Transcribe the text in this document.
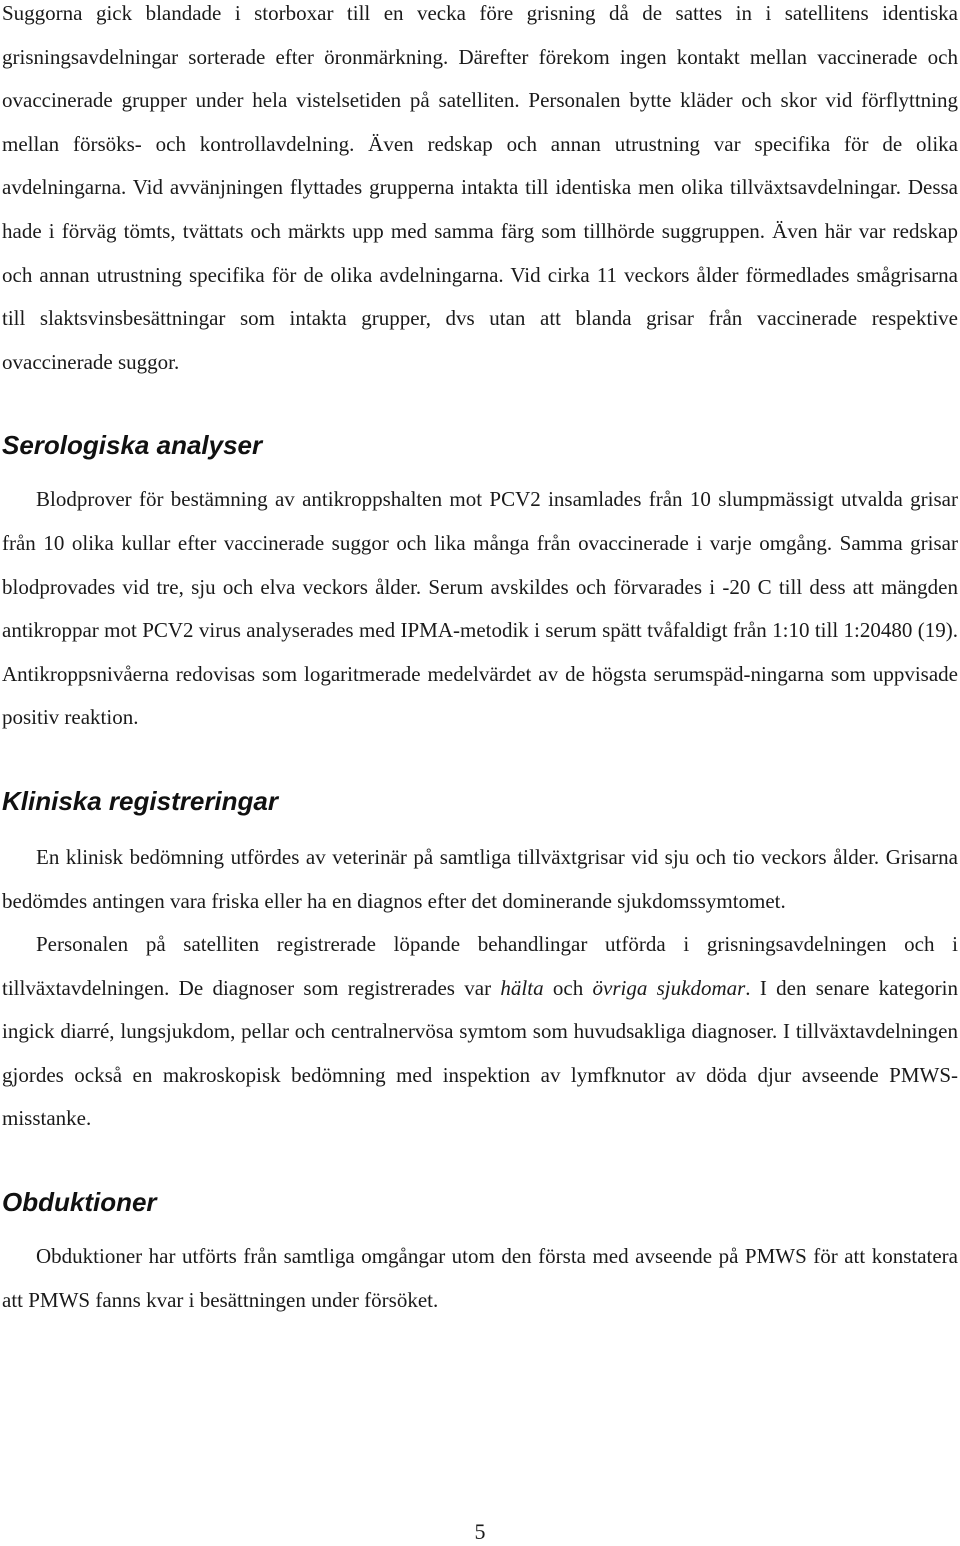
Suggorna gick blandade i storboxar till en vecka före grisning då de sattes in i satellitens identiska grisningsavdelningar sorterade efter öronmärkning. Därefter förekom ingen kontakt mellan vaccinerade och ovaccinerade grupper under hela vistelsetiden på satelliten. Personalen bytte kläder och skor vid förflyttning mellan försöks- och kontrollavdelning. Även redskap och annan utrustning var specifika för de olika avdelningarna. Vid avvänjningen flyttades grupperna intakta till identiska men olika tillväxtsavdelningar. Dessa hade i förväg tömts, tvättats och märkts upp med samma färg som tillhörde suggruppen. Även här var redskap och annan utrustning specifika för de olika avdelningarna. Vid cirka 11 veckors ålder förmedlades smågrisarna till slaktsvinsbesättningar som intakta grupper, dvs utan att blanda grisar från vaccinerade respektive ovaccinerade suggor.

Serologiska analyser

Blodprover för bestämning av antikroppshalten mot PCV2 insamlades från 10 slumpmässigt utvalda grisar från 10 olika kullar efter vaccinerade suggor och lika många från ovaccinerade i varje omgång. Samma grisar blodprovades vid tre, sju och elva veckors ålder. Serum avskildes och förvarades i -20 C till dess att mängden antikroppar mot PCV2 virus analyserades med IPMA-metodik i serum spätt tvåfaldigt från 1:10 till 1:20480 (19). Antikroppsnivåerna redovisas som logaritmerade medelvärdet av de högsta serumspäd-ningarna som uppvisade positiv reaktion.

Kliniska registreringar

En klinisk bedömning utfördes av veterinär på samtliga tillväxtgrisar vid sju och tio veckors ålder. Grisarna bedömdes antingen vara friska eller ha en diagnos efter det dominerande sjukdomssymtomet.

Personalen på satelliten registrerade löpande behandlingar utförda i grisningsavdelningen och i tillväxtavdelningen. De diagnoser som registrerades var hälta och övriga sjukdomar. I den senare kategorin ingick diarré, lungsjukdom, pellar och centralnervösa symtom som huvudsakliga diagnoser. I tillväxtavdelningen gjordes också en makroskopisk bedömning med inspektion av lymfknutor av döda djur avseende PMWS-misstanke.

Obduktioner

Obduktioner har utförts från samtliga omgångar utom den första med avseende på PMWS för att konstatera att PMWS fanns kvar i besättningen under försöket.

5
